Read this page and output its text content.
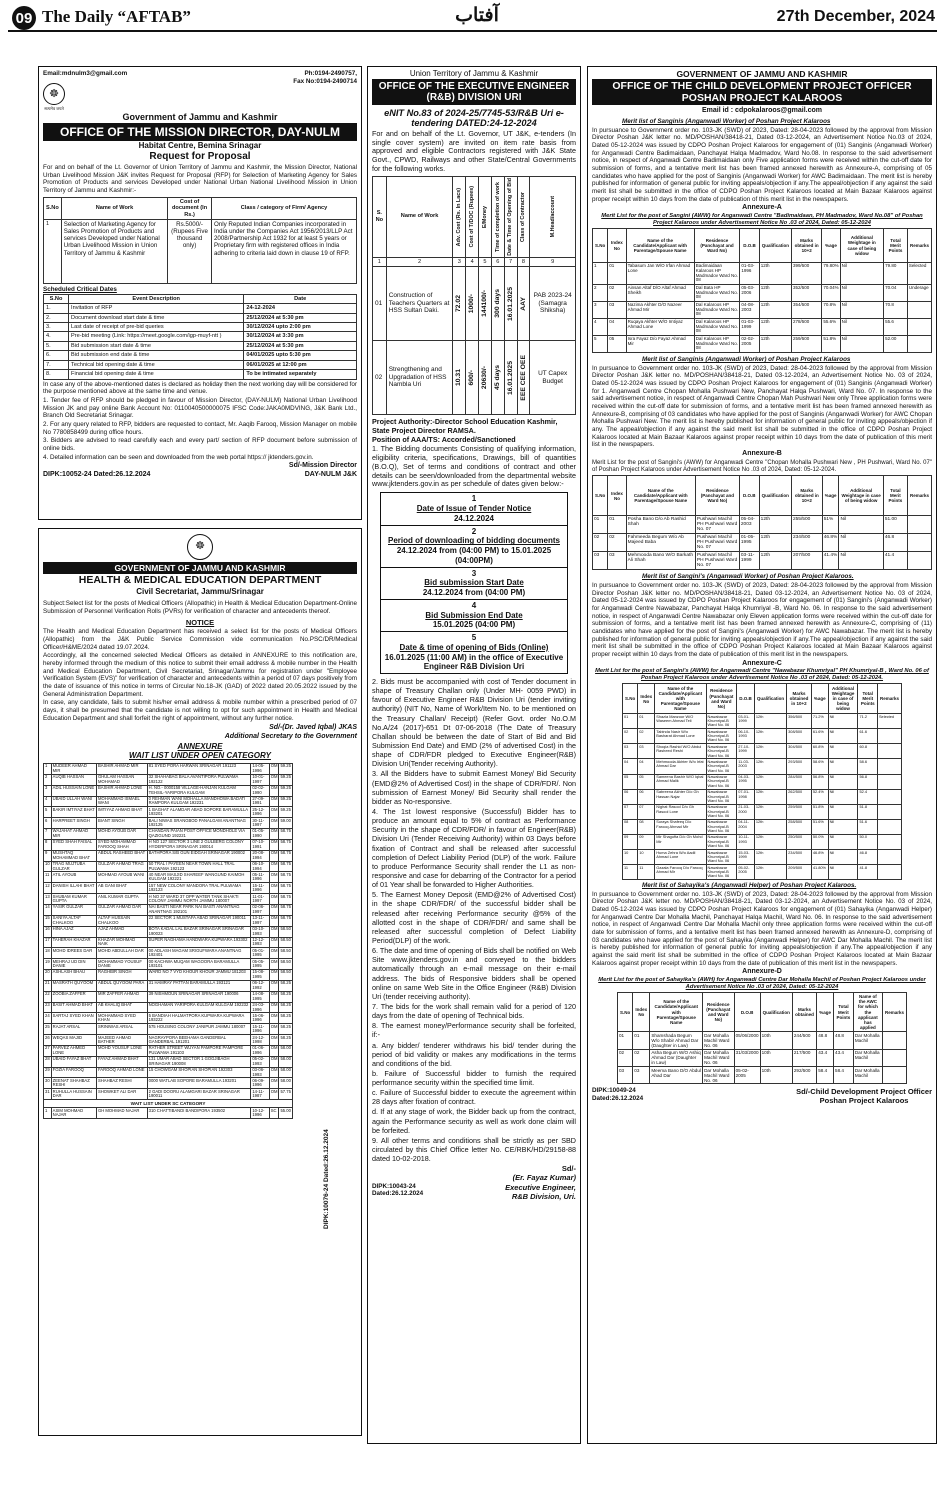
09 The Daily “AFTAB”	آفتاب	27th December, 2024
Email:mdnulm3@gmail.com	Ph:0194-2490757,
Fax No:0194-2490714
☸
सत्यमेव जयते
Government of Jammu and Kashmir
OFFICE OF THE MISSION DIRECTOR, DAY-NULM
Habitat Centre, Bemina Srinagar
Request for Proposal
For and on behalf of the Lt. Governor of Union Territory of Jammu and Kashmir, the Mission Director, National Urban Livelihood Mission J&K invites Request for Proposal (RFP) for Selection of Marketing Agency for Sales Promotion of Products and services Developed under National Urban National Livelihood Mission in Union Territory of Jammu and Kashmir:-
S.No	Name of Work	Cost of document (In Rs.)	Class / category of Firm/ Agency
1	Selection of Marketing Agency for Sales Promotion of Products and services Developed under National Urban Livelihood Mission in Union Territory of Jammu & Kashmir	Rs.5000/- (Rupees Five thousand only)	Only Reputed Indian Companies incorporated in India under the Companies Act 1956/2013/LLP Act 2008/Partnership Act 1932 for at least 5 years or Proprietary firm with registered offices in India adhering to criteria laid down in clause 19 of RFP.
Scheduled Critical Dates
S.No	Event Description	Date
1.	Invitation of RFP	24-12-2024
2.	Document download start date & time	25/12/2024 at 5:30 pm
3.	Last date of receipt of pre-bid queries	30/12/2024 upto 2:00 pm
4.	Pre-bid meeting (Link: https://meet.google.com/igp-muyf-ntt )	30/12/2024 at 3:30 pm
5.	Bid submission start date & time	25/12/2024 at 5:30 pm
6.	Bid submission end date & time	04/01/2025 upto 5:30 pm
7.	Technical bid opening date & time	06/01/2025 at 12:00 pm
8.	Financial bid opening date & time	To be intimated separately
In case any of the above-mentioned dates is declared as holiday then the next working day will be considered for the purpose mentioned above at the same time and venue.
1. Tender fee of RFP should be pledged in favour of Mission Director, (DAY-NULM) National Urban Livelihood Mission JK and pay online Bank Account No: 0110040500000075 IFSC Code:JAKA0MDVING, J&K Bank Ltd., Branch Old Secretariat Srinagar.
2. For any query related to RFP, bidders are requested to contact, Mr. Aaqib Farooq, Mission Manager on mobile No 7780858499 during office hours.
3. Bidders are advised to read carefully each and every part/ section of RFP document before submission of online bids.
4. Detailed information can be seen and downloaded from the web portal https:// jktenders.gov.in.
Sd/-Mission Director
DIPK:10052-24 Dated:26.12.2024	DAY-NULM J&K
☸
GOVERNMENT OF JAMMU AND KASHMIR
HEALTH & MEDICAL EDUCATION DEPARTMENT
Civil Secretariat, Jammu/Srinagar
Subject:Select list for the posts of Medical Officers (Allopathic) in Health & Medical Education Department-Online Submission of Personnel Verification Rolls (PVRs) for verification of character and antecedents thereof.
NOTICE
The Health and Medical Education Department has received a select list for the posts of Medical Officers (Allopathic) from the J&K Public Service Commission vide communication No.PSC/DR/Medical Officer/H&ME/2024 dated 19.07.2024.
Accordingly, all the concerned selected Medical Officers as detailed in ANNEXURE to this notification are, hereby informed through the medium of this notice to submit their email address & mobile number in the Health and Medical Education Department, Civil Secretariat, Srinagar/Jammu for registration under "Employee Verification System (EVS)" for verification of character and antecedents within a period of 07 days positively from the date of issuance of this notice in terms of Circular No.18-JK (GAD) of 2022 dated 20.05.2022 issued by the General Administration Department.
In case, any candidate, fails to submit his/her email address & mobile number within a prescribed period of 07 days, it shall be presumed that the candidate is not willing to opt for such appointment in Health and Medical Education Department and shall forfeit the right of appointment, without any further notice.
Sd/-(Dr. Javed Iqbal) JKAS
Additional Secretary to the Government
ANNEXURE
WAIT LIST UNDER OPEN CATEGORY
1	MUDEER AHMAD MIR	BASHIR AHMAD MIR	81 SYED PORA HARWAN SRINAGAR 191123	14-05-1996	OM	59.25
2	AUQIB HASSAN	GHULAM HASSAN MOHAMAD	32 SHAHABAG BALA AVANTIPORA PULWAMA 192122	10-01-1997	OM	59.25
3	ADIL HUSSAIN LONE	BASHIR AHMAD LONE	H. NO.- 0000158 VILLAGE-HANJAN KULGAM TEHSIL-YARIPORA KULGAM	02-02-1990	OM	59.25
4	UBAID ULLAH WANI	MOHAMMAD ISMAEL WANI	0 REHMAN WANI MOHALLA MANDHOWA BADATI RAMPORA KULGAM 192231	27-09-1991	OM	59.25
5	BAKIR IMTIYAZ BHAT	IMTIYAZ AHMAD BHAT	1 BAGHAT ALAMDAR ABAD SOPORE BARAMULLA 193201	25-12-1996	OM	59.25
6	HARPREET SINGH	BIANT SINGH	BALI NIWAS SRANGBOD PANALGAM ANANTNAG 192125	30-11-1997	OM	59.00
7	WAJAHAT AHMAD MIR	MOHD AYOUB DAR	CHANDAN PAIAN POST OFFICE MONDHOLE VIA QAZIGUND 192221	01-05-1990	OM	58.75
8	SYED SHAH FAISAL	SYED MOHAMMAD FAROOQ SHAH	H NO 127 SECTOR 3 LINE 2 GULBERG COLONY HYDERPORA SRINAGAR 190014	07-10-1991	OM	58.75
9	MUSHTAQ MOHAMMAD BHAT	ABDUL RASHEED BHAT	BATHPORA S/B GUN EIDGAH SRINAGAR 190002	20-08-1994	OM	58.75
10	TRAG MUJTUBA GULZAR	GULZAR AHMAD TRAG	50 TRAL I PAYEEN NEAR TOWN HALL TRAL PULWAMA 192123	06-10-1994	OM	58.75
11	ATIL AYOUB	MOHMAD AYOUB WANI	40 NEAR MASJID SHAREEF WANGUND KAIMOH KULGAM 192221	05-11-1996	OM	58.75
12	DANISH ILLAHI BHAT	AB GANI BHAT	157 NEW COLONY MANDORA TRAL PULWAMA 192123	15-11-1996	OM	58.75
13	SHUBAM KUMAR GUPTA	ANIL KUMAR GUPTA	H NO 37 WARD 37 OPP WATER TANK SHAKTI COLONY JAMMU NORTH JAMMU 180007	11-01-1997	OM	58.75
14	YASIR GULZAR	GULZAR AHMAD DAR	NAI BASTI NEAR PARK NAI BASTI ANANTNAG ANANTNAG 192101	02-06-1997	OM	58.75
15	SANIYA ALTAF CHALKOO	ALTAF HUSSAIN CHALKOO	22 SECTOR 1 MUSTAFA ABAD SRINAGAR 190011	13-11-1997	OM	58.75
16	HINA AJAZ	AJAZ AHMAD	BOTA KADAL LAL BAZAR SRINAGAR SRINAGAR 190023	03-10-1993	OM	58.50
17	TAHERAH KHAZAR	KHAZAR MOHMAD NAIK	SUPER NAGHAMA HANDWARA KUPWARA 193302	12-12-1993	OM	58.50
18	MOHD IDREES DAR	MOHD ABDULLAH DAR	00 ADLASH MAGAM SRIGUFWARA ANANTNAG 192401	05-01-1995	OM	58.50
19	MEHRAJ UD DIN DANIE	MOHAMMAD YOUSUF DANIE	00 KACHWA MUQAM WAGOORA BARAMULLA 193101	05-05-1995	OM	58.50
20	ASHLASH BHAU	RAGHBIR SINGH	WARD NO 7 VYD KHOUR KHOUR JAMMU 181203	15-08-1995	OM	58.50
21	MASRATH QUYOOM	ABDUL QUYOOM PARA	31 HAMRAY PATTAN BARAMULLA 193121	06-12-1992	OM	58.25
22	ZOOBIA ZAFFER	MIR ZAFFER AHMAD	39 NISHMOUN SRINAGAR SRINAGAR 190006	14-08-1995	OM	58.25
23	BASIT AHMAD BHAT	AB KHALIQ BHAT	NOGHAMAN YARIPORA KULGAM KULGAM 192232	24-03-1996	OM	58.25
24	SARTAJ SYED KHAN	MOHAMMAD SYED KHAN	5 BANDIAH HALMATPORA KUPWARA KUPWARA 193222	15-06-1996	OM	58.25
25	RAJAT ARSAL	SRINIWAS ARSAL	575 HOUSING COLONY JANIPUR JAMMU 180007	15-11-1996	OM	58.25
26	WEQAS MAJID	MAJEED AHMAD BATHER	NAGRAYPORA BEEHAMA GANDERBAL GANDERBAL 191201	24-12-1998	OM	58.25
27	PARVEZ AHMED LONE	MOHD YOUSUF LONE	RATHER STREET WUYAN PAMPORE PAMPORE PULWAMA 191103	01-06-1996	OM	58.00
28	UBAID FAYAZ BHAT	FAYAZ AHMAD BHAT	131 UMAR ABAD SECTOR 1 GOGJIBAGH SRINAGAR 190008	05-02-1993	OM	58.00
29	FOZIA FAROOQ	FAROOQ AHMAD LONE	15 CHOWGAM SHOPIAN SHOPIAN 192303	03-06-1993	OM	58.00
30	ZEENAT SHAHBAZ RESHI	SHAHBAZ RESHI	0000 WATLAB SOPORE BARAMULLA 193201	06-09-1996	OM	58.00
31	RUHULLA HUSSAIN DAR	SHOWKET ALI DAR	2 GADI DOORU ALAMGARI BAZAR SRINAGAR 190011	14-11-1987	OM	57.75
WAIT LIST UNDER SC CATEGORY						
1	ASIM MOHMAD NAJAR	GH MOHMAD NAJAR	310 CHATTIBANDI BANDIPORA 193502	10-12-1996	SC	55.00
DIPK:10076-24 Dated:26.12.2024
Union Territory of Jammu & Kashmir
OFFICE OF THE EXECUTIVE ENGINEER (R&B) DIVISION URI
eNIT No.83 of 2024-25/7745-53/R&B Uri e-tendering DATED:24-12-2024
For and on behalf of the Lt. Governor, UT J&K, e-tenders (In single cover system) are invited on item rate basis from approved and eligible Contractors registered with J&K State Govt., CPWD, Railways and other State/Central Governments for the following works.
S. No	Name of Work	Adv. Cost (Rs. In Lacs)	Cost of T/DOC (Rupees)	E/Money	Time of completion of work	Date & Time of Opening of Bid	Class of Contractor	M.Head/account

1	2	3	4	5	6	7	8	9
01	Construction of Teachers Quarters at HSS Sultan Daki.	72.02	1000/-	144100/-	300 days	16.01.2025	AAY	PAB 2023-24 (Samagra Shiksha)
02	Strengthening and Upgradation of HSS Nambla Uri	10.31	600/-	20630/-	45 days	16.01.2025	EEE CEE OEE	UT Capex Budget
Project Authority:-Director School Education Kashmir, State Project Director RAMSA.
Position of AAA/TS: Accorded/Sanctioned
1. The Bidding documents Consisting of qualifying information, eligibility criteria, specifications, Drawings, bill of quantities (B.O.Q), Set of terms and conditions of contract and other details can be seen/downloaded from the departmental website www.jktenders.gov.in as per schedule of dates given below:-
1
Date of Issue of Tender Notice
24.12.2024
2
Period of downloading of bidding documents
24.12.2024 from (04:00 PM) to 15.01.2025 (04:00PM)
3
Bid submission Start Date
24.12.2024 from (04:00 PM)
4
Bid Submission End Date
15.01.2025 (04:00 PM)
5
Date & time of opening of Bids (Online)
16.01.2025 (11:00 AM) in the office of Executive Engineer R&B Division Uri
2. Bids must be accompanied with cost of Tender document in shape of Treasury Challan only (Under MH- 0059 PWD) in favour of Executive Engineer R&B Division Uri (tender inviting authority) (NIT No, Name of Work/Item No. to be mentioned on the Treasury Challan/ Receipt) (Refer Govt. order No.O.M No.A/24 (2017)-651 Dt 07-06-2018 (The Date of Treasury Challan should be between the date of Start of Bid and Bid Submission End Date) and EMD (2% of advertised Cost) in the shape of CDR/FDR pledged to Executive Engineer(R&B) Division Uri(Tender receiving Authority).
3. All the Bidders have to submit Earnest Money/ Bid Security (EMD@2% of Advertised Cost) in the shape of CDR/FDR/. Non submission of Earnest Money/ Bid Security shall render the bidder as No-responsive.
4. The 1st lowest responsive (Successful) Bidder has to produce an amount equal to 5% of contract as Performance Security in the shape of CDR/FDR/ in favour of Engineer(R&B) Division Uri (Tender Receiving Authority) within 03 Days before fixation of Contract and shall be released after successful completion of Defect Liability Period (DLP) of the work. Failure to produce Performance Security shall render the L1 as non-responsive and case for debarring of the Contractor for a period of 01 Year shall be forwarded to Higher Authorities.
5. The Earnest Money Deposit (EMD@2% of Advertised Cost) in the shape CDR/FDR/ of the successful bidder shall be released after receiving Performance security @5% of the allotted cost in the shape of CDR/FDR/ and same shall be released after successful completion of Defect Liability Period(DLP) of the work.
6. The date and time of opening of Bids shall be notified on Web Site www.jktenders.gov.in and conveyed to the bidders automatically through an e-mail message on their e-mail address. The bids of Responsive bidders shall be opened online on same Web Site in the Office Engineer (R&B) Division Uri (tender receiving authority).
7. The bids for the work shall remain valid for a period of 120 days from the date of opening of Technical bids.
8. The earnest money/Performance security shall be forfeited, if:-
a. Any bidder/ tenderer withdraws his bid/ tender during the period of bid validity or makes any modifications in the terms and conditions of the bid.
b. Failure of Successful bidder to furnish the required performance security within the specified time limit.
c. Failure of Successful bidder to execute the agreement within 28 days after fixation of contract.
d. If at any stage of work, the Bidder back up from the contract, again the Performance security as well as work done claim will be forfeited.
9. All other terms and conditions shall be strictly as per SBD circulated by this Chief Office letter No. CE/RBK/HD/29158-88 dated 10-02-2018.
Sd/-
(Er. Fayaz Kumar)
DIPK:10043-24
Dated:26.12.2024
Executive Engineer,
R&B Division, Uri.
GOVERNMENT OF JAMMU AND KASHMIR
OFFICE OF THE CHILD DEVELOPMENT PROJECT OFFICER POSHAN PROJECT KALAROOS
Email id : cdpokalaroos@gmail.com
Merit list of Sanginis (Anganwadi Worker) of Poshan Project Kalaroos
In pursuance to Government order no. 103-JK (SWD) of 2023, Dated: 28-04-2023 followed by the approval from Mission Director Poshan J&K letter no. MD/POSHAN/38418-21, Dated 03-12-2024, an Advertisement Notice No.03 of 2024, Dated 05-12-2024 was issued by CDPO Poshan Project Kalaroos for engagement of (01) Sanginis (Anganwadi Worker) for Anganwadi Centre Badimaidaan, Panchayat Halqa Madmadov, Ward No.08. In response to the said advertisement notice, in respect of Anganwadi Centre Badimaidaan only Five application forms were received within the cut-off date for submission of forms, and a tentative merit list has been framed annexed herewith as Annexure-A, comprising of 05 candidates who have applied for the post of Sanginis (Anganwadi Worker) for AWC Badimaidaan. The merit list is hereby published for information of general public for inviting appeals/objection if any.The appeal/objection if any against the said merit list shall be submitted in the office of CDPO Poshan Project Kalaroos located at Main Bazaar Kalaroos against proper receipt within 10 days from the date of publication of this merit list in the newspapers.
Annexure-A
Merit List for the post of Sangini (AWW) for Anganwadi Centre "Badimaidaan, PH Madmadov, Ward No.08" of Poshan Project Kalaroos under Advertisement Notice No .03 of 2024, Dated: 05-12-2024
S.No	Index No	Name of the Candidate/Applicant with Parentage/Spouse Name	Residence (Panchayat and Ward No)	D.O.B	Qualification	Marks obtained in 10+2	%age	Additional Weightage in case of being widow	Total Merit Points	Remarks
1	01	Tabasum Jan W/O Irfan Ahmad Lone	Badimaidaan Kalaroos HP Madmadov Ward No. 08	01-03-1996	12th	399/500	79.80%	Nil	79.80	Selected
2	02	Ainsan Altaf D/O Altaf Ahmad Sheikh	Dal Bata HP Madmadov Ward No. 08	05-03-2006	12th	352/500	70.04%	Nil	70.04	Underage
3	03	Nazima Akhter D/O Nazeer Ahmad Mir	Dal Kalaroos HP Madmadov Ward No. 08	04-08-2003	12th	354/500	70.8%	Nil	70.8	
4	04	Ruqaya Akhter W/O Imtiyaz Ahmad Lone	Dal Kalaroos HP Madmadov Ward No. 08	01-03-1999	12th	278/500	55.6%	Nil	55.6	
5	05	Isra Fayaz D/o Fayaz Ahmad Mir	Dal Kalaroos HP Madmadov Ward No. 08	02-02-2005	12th	259/500	51.8%	Nil	52.00	
Merit list of Sanginis (Anganwadi Worker) of Poshan Project Kalaroos
In pursuance to Government order no. 103-JK (SWD) of 2023, Dated: 28-04-2023 followed by the approval from Mission Director Poshan J&K letter no. MD/POSHAN/38418-21, Dated 03-12-2024, an Advertisement Notice No. 03 of 2024, Dated 05-12-2024 was issued by CDPO Poshan Project Kalaroos for engagement of (01) Sanginis (Anganwadi Worker) for 1. Anganwadi Centre Chopan Mohalla Pushwari New, Panchayat Halqa Pushwari, Ward No. 07. In response to the said advertisement notice, in respect of Anganwadi Centre Chopan Mah Pushwari New only Three application forms were received within the cut-off date for submission of forms, and a tentative merit list has been framed annexed herewith as Annexure-B, comprising of 03 candidates who have applied for the post of Sanginis (Anganwadi Worker) for AWC Chopan Mohalla Pushwari New. The merit list is hereby published for information of general public for inviting appeals/objection if any. The appeal/objection if any against the said merit list shall be submitted in the office of CDPO Poshan Project Kalaroos located at Main Bazaar Kalaroos against proper receipt within 10 days from the date of publication of this merit list in the newspapers.
Annexure-B
Merit List for the post of Sangini's (AWW) for Anganwadi Centre "Chopan Mohalla Pushwari New , PH Pushwari, Ward No. 07" of Poshan Project Kalaroos under Advertisement Notice No .03 of 2024, Dated: 05-12-2024.
S.No	Index No	Name of the Candidate/Applicant with Parentage/Spouse Name	Residence (Panchayat and Ward No)	D.O.B	Qualification	Marks obtained in 10+2	%age	Additional Weightage in case of being widow	Total Merit Points	Remarks
01	01	Posha Bano D/o Ab Rashid Shah	Pushwari Machil PH Pushwari Ward No. 07	05-04-2003	12th	255/500	51%	Nil	51.00	
02	02	Fahmeeda Begum W/o Ab Majeed Baba	Pushwari Machil PH Pushwari Ward No. 07	01-05-1995	12th	234/500	46.8%	Nil	46.8	
03	03	Mehmooda Bano W/O Barkath Ali Shah	Pushwari Machil PH Pushwari Ward No. 07	03-11-1999	12th	207/500	41.4%	Nil	41.4	
Merit list of Sangini's (Anganwadi Worker) of Poshan Project Kalaroos.
In pursuance to Government order no. 103-JK (SWD) of 2023, Dated: 28-04-2023 followed by the approval from Mission Director Poshan J&K letter no. MD/POSHAN/38418-21, Dated 03-12-2024, an Advertisement Notice No. 03 of 2024, Dated 05-12-2024 was issued by CDPO Poshan Project Kalaroos for engagement of (01) Sangini's (Anganwadi Worker) for Anganwadi Centre Nawabazar, Panchayat Halqa Khumriyal -B, Ward No. 06. In response to the said advertisement notice, in respect of Anganwadi Centre Nawabazar only Eleven application forms were received within the cut-off date for submission of forms, and a tentative merit list has been framed annexed herewith as Annexure-C, comprising of (11) candidates who have applied for the post of Sangini's (Anganwadi Worker) for AWC Nawabazar. The merit list is hereby published for information of general public for inviting appeals/objection if any.The appeal/objection if any against the said merit list shall be submitted in the office of CDPO Poshan Project Kalaroos located at Main Bazaar Kalaroos against proper receipt within 10 days from the date of publication of this merit list in the newspapers.
Annexure-C
Merit List for the post of Sangini's (AWW) for Anganwadi Centre "Nawabazar Khumriyal" PH Khumriyal-B , Ward No. 06 of Poshan Project Kalaroos under Advertisement Notice No .03 of 2024, Dated: 05-12-2024.
S.No	Index No	Name of the Candidate/Applicant with Parentage/Spouse Name	Residence (Panchayat and Ward No)	D.O.B	Qualification	Marks obtained in 10+2	%age	Additional Weightage in case of being widow	Total Merit Points	Remarks
01	01	Shazia Manzoor W/O Waseem Ahmad Teli	Nawabazar Khumriyal-B Ward No. 06	03-01-1999	12th	356/500	71.2%	Nil	71.2	Selected
02	02	Tabinda Nasir W/o Basharat Ahmad Lone	Nawabazar Khumriyal-B Ward No. 06	06-10-1993	12th	308/500	61.6%	Nil	61.6	
03	03	Shoqia Rashid W/O Abdul Rasheed Reshi	Nawabazar Khumriyal-B Ward No. 06	27-10-1999	12th	304/500	60.8%	Nil	60.8	
04	04	Mehmooda Akhter W/o Irfat Ahmad Dar	Nawabazar Khumriyal-B Ward No. 06	11-03-2003	12th	293/500	58.6%	Nil	58.6	
05	05	Sameena Bashir W/O Iqbal Ahmad Malik	Nawabazar Khumriyal-B Ward No. 06	04-03-1995	12th	284/500	56.8%	Nil	56.8	
06	06	Sabreena Akhter D/o Gh Hassan Najar	Nawabazar Khumriyal-B Ward No. 06	07-01-1998	12th	262/500	52.4%	Nil	52.4	
07	07	Nighat Rasool D/o Gh Rasool Lone	Nawabazar Khumriyal-B Ward No. 06	21-03-2000	12th	259/500	51.8%	Nil	51.8	
08	08	Suraya Shafeeq D/o Farooq Ahmad Mir	Nawabazar Khumriyal-B Ward No. 06	04-11-2004	12th	258/500	51.6%	Nil	51.6	
09	09	Mir Shagufta D/o Gh Mohd Mir	Nawabazar Khumriyal-B Ward No. 06	10-11-1993	12th	250/500	50.0%	Nil	50.0	
10	10	Huma Zehra W/o Aadil Ahmad Lone	Nawabazar Khumriyal-B Ward No. 06	15-03-1999	12th	234/500	46.8%	Nil	46.8	
11	11	Gazala Farooq D/o Farooq Ahmad Mir	Nawabazar Khumriyal-B Ward No. 06	05-02-2005	12th	209/500	41.80%	Nil	41.8	
Merit list of Sahayika's (Anganwadi Helper) of Poshan Project Kalaroos.
In pursuance to Government order no. 103-JK (SWD) of 2023, Dated: 28-04-2023 followed by the approval from Mission Director Poshan J&K letter no. MD/POSHAN/38418-21, Dated 03-12-2024, an Advertisement Notice No. 03 of 2024, Dated 05-12-2024 was issued by CDPO Poshan Project Kalaroos for engagement of (01) Sahayika (Anganwadi Helper) for Anganwadi Centre Dar Mohalla Machil, Panchayat Halqa Machil, Ward No. 06. In response to the said advertisement notice, in respect of Anganwadi Centre Dar Mohalla Machil only three application forms were received within the cut-off date for submission of forms, and a tentative merit list has been framed annexed herewith as Annexure-D, comprising of 03 candidates who have applied for the post of Sahayika (Anganwadi Helper) for AWC Dar Mohalla Machil. The merit list is hereby published for information of general public for inviting appeals/objection if any.The appeal/objection if any against the said merit list shall be submitted in the office of CDPO Poshan Project Kalaroos located at Main Bazaar Kalaroos against proper receipt within 10 days from the date of publication of this merit list in the newspapers.
Annexure-D
Merit List for the post of Sahayika's (AWH) for Anganwadi Centre Dar Mohalla Machil of Poshan Project Kalaroos under Advertisement Notice No .03 of 2024, Dated: 05-12-2024
S.No	Index No	Name of the Candidate/Applicant with Parentage/Spouse Name	Residence (Panchayat and Ward No)	D.O.B	Qualification	Marks obtained	%age	Total Merit Points	Name of the AWC for which the applicant has applied	Remarks
01	01	Shamshada Begum W/o Shabir Ahmad Dar (Daughter in Law)	Dar Mohalla Machil Ward No. 06	05/06/2000	10th	244/500	48.8	48.8	Dar Mohalla Machil	
02	02	Asha Begum W/O Ashiq Ahmad Dar (Daughter in Law)	Dar Mohalla Machil Ward No. 06	31/03/2000	10th	217/500	43.4	43.4	Dar Mohalla Machil	
03	03	Meema Bano D/O Abdul Ahad Dar	Dar Mohalla Machil Ward No. 06	05-02-2005	10th	292/500	58.4	58.4	Dar Mohalla Machil	
DIPK:10049-24
Dated:26.12.2024
Sd/-Child Development Project Officer
Poshan Project Kalaroos
